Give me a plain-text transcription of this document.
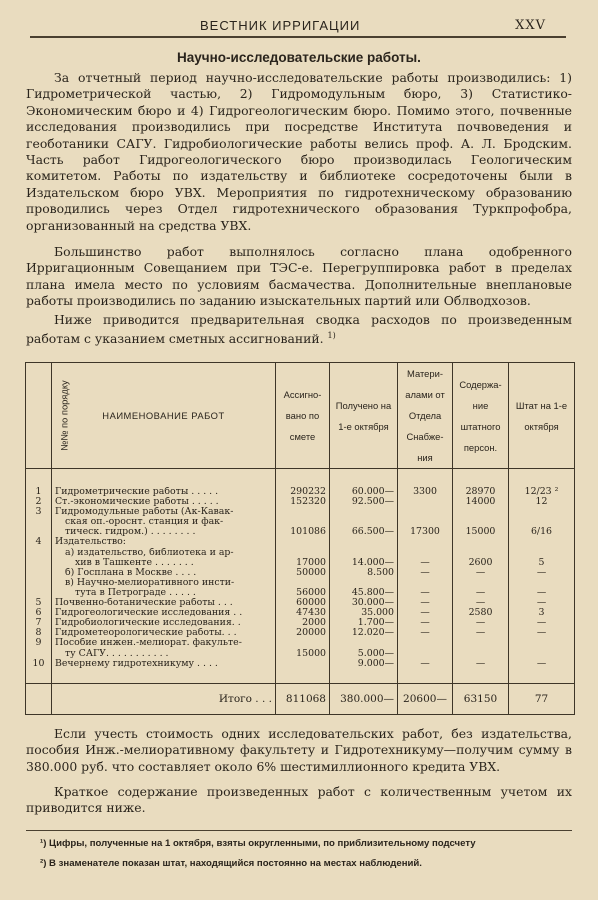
ВЕСТНИК ИРРИГАЦИИ	XXV
Научно-исследовательские работы.

За отчетный период научно-исследовательские работы производились: 1) Гидрометрической частью, 2) Гидромодульным бюро, 3) Статистико-Экономическим бюро и 4) Гидрогеологическим бюро. Помимо этого, почвенные исследования производились при посредстве Института почвоведения и геоботаники САГУ. Гидробиологические работы велись проф. А. Л. Бродским. Часть работ Гидрогеологического бюро производилась Геологическим комитетом. Работы по издательству и библиотеке сосредоточены были в Издательском бюро УВХ. Мероприятия по гидротехническому образованию проводились через Отдел гидротехнического образования Туркпрофобра, организованный на средства УВХ.

Большинство работ выполнялось согласно плана одобренного Ирригационным Совещанием при ТЭС-е. Перегруппировка работ в пределах плана имела место по условиям басмачества. Дополнительные внеплановые работы производились по заданию изыскательных партий или Облводхозов.

Ниже приводится предварительная сводка расходов по произведенным работам с указанием сметных ассигнований. $^{1)}$

№№ по порядку	НАИМЕНОВАНИЕ РАБОТ	Ассигно-вано по смете	Получено на 1-е октября	Матери-алами от Отдела Снабже-ния	Содержа-ние штатного персон.	Штат на 1-е октября

1	Гидрометрические работы . . . . .	290232	60.000—	3300	28970	12/23 ²
2	Ст.-экономические работы . . . . .	152320	92.500—		14000	12
3	Гидромодульные работы (Ак-Кавак-					
	ская оп.-ороснт. станция и фак-					
	тическ. гидром.) . . . . . . . .	101086	66.500—	17300	15000	6/16
4	Издательство:					
	а) издательство, библиотека и ар-					
	хив в Ташкенте . . . . . . .	17000	14.000—	—	2600	5
	б) Госплана в Москве . . . .	50000	8.500	—	—	—
	в) Научно-мелиоративного инсти-					
	тута в Петрограде . . . . .	56000	45.800—	—	—	—
5	Почвенно-ботанические работы . . .	60000	30.000—	—	—	—
6	Гидрогеологические исследования . .	47430	35.000	—	2580	3
7	Гидробиологические исследования. .	2000	1.700—	—	—	—
8	Гидрометеорологические работы. . .	20000	12.020—	—	—	—
9	Пособие инжен.-мелиорат. факульте-					
	ту САГУ. . . . . . . . . . .	15000	5.000—			
10	Вечернему гидротехникуму . . . .		9.000—	—	—	—

	Итого . . .	811068	380.000—	20600—	63150	77

Если учесть стоимость одних исследовательских работ, без издательства, пособия Инж.-мелиоративному факультету и Гидротехникуму—получим сумму в 380.000 руб. что составляет около 6% шестимиллионного кредита УВХ.

Краткое содержание произведенных работ с количественным учетом их приводится ниже.

¹) Цифры, полученные на 1 октября, взяты округленными, по приблизительному подсчету
²) В знаменателе показан штат, находящийся постоянно на местах наблюдений.
